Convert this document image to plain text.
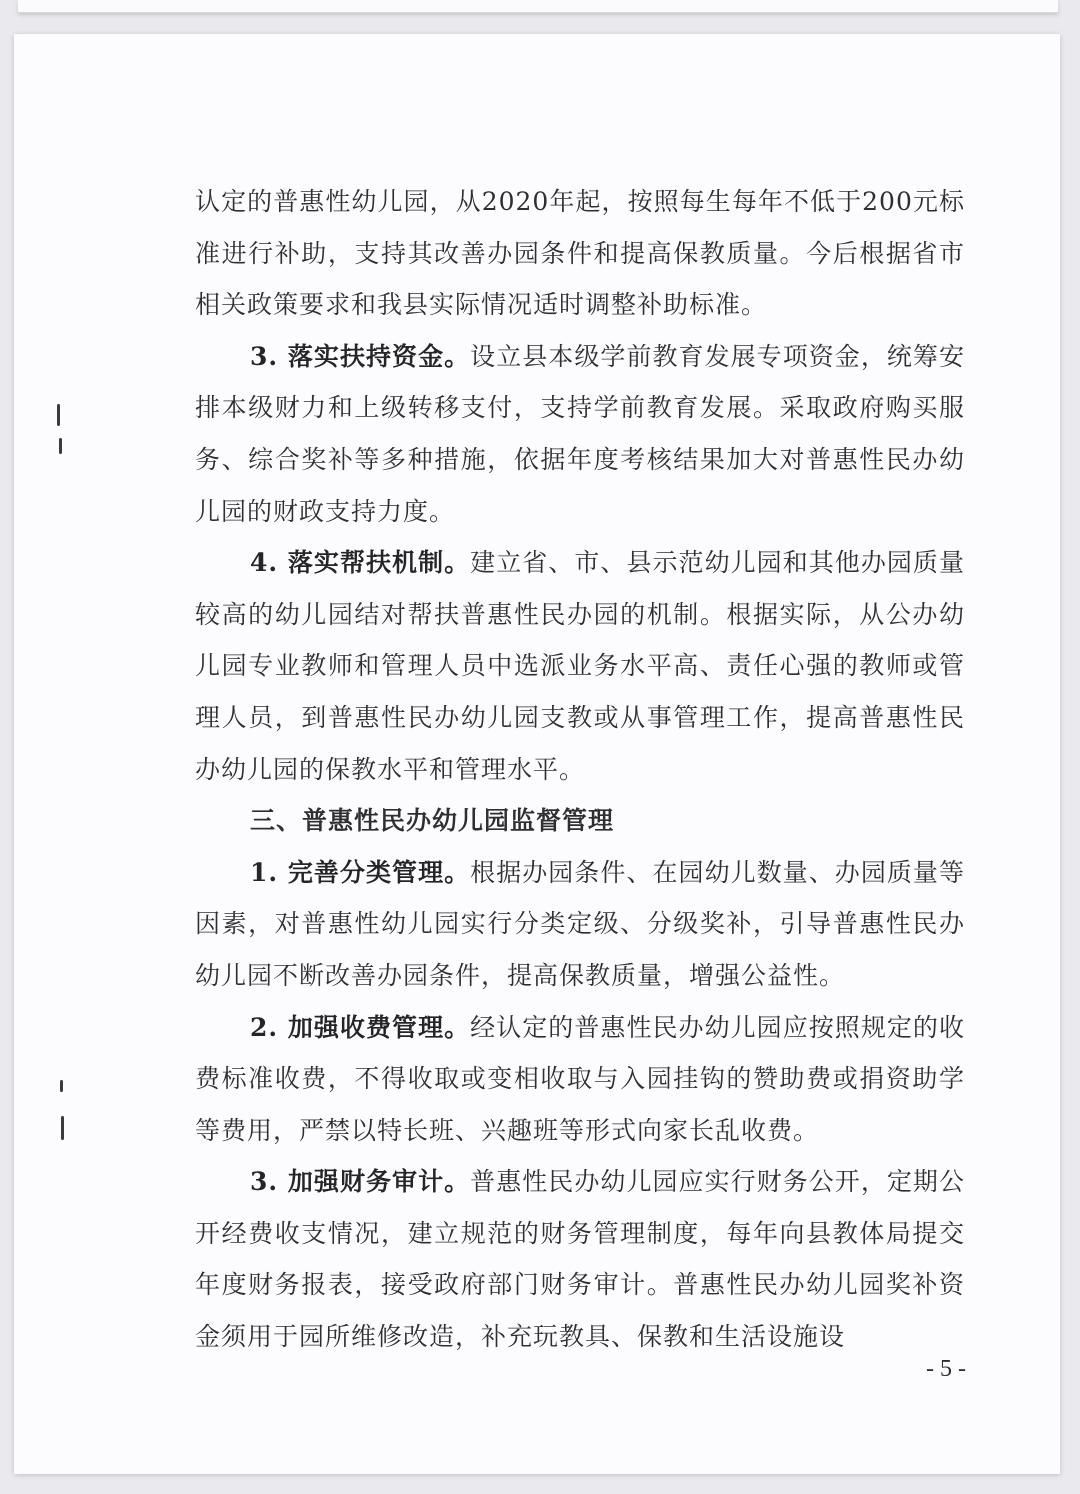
认定的普惠性幼儿园，从2020年起，按照每生每年不低于200元标准进行补助，支持其改善办园条件和提高保教质量。今后根据省市相关政策要求和我县实际情况适时调整补助标准。

3. 落实扶持资金。设立县本级学前教育发展专项资金，统筹安排本级财力和上级转移支付，支持学前教育发展。采取政府购买服务、综合奖补等多种措施，依据年度考核结果加大对普惠性民办幼儿园的财政支持力度。

4. 落实帮扶机制。建立省、市、县示范幼儿园和其他办园质量较高的幼儿园结对帮扶普惠性民办园的机制。根据实际，从公办幼儿园专业教师和管理人员中选派业务水平高、责任心强的教师或管理人员，到普惠性民办幼儿园支教或从事管理工作，提高普惠性民办幼儿园的保教水平和管理水平。

三、普惠性民办幼儿园监督管理

1. 完善分类管理。根据办园条件、在园幼儿数量、办园质量等因素，对普惠性幼儿园实行分类定级、分级奖补，引导普惠性民办幼儿园不断改善办园条件，提高保教质量，增强公益性。

2. 加强收费管理。经认定的普惠性民办幼儿园应按照规定的收费标准收费，不得收取或变相收取与入园挂钩的赞助费或捐资助学等费用，严禁以特长班、兴趣班等形式向家长乱收费。

3. 加强财务审计。普惠性民办幼儿园应实行财务公开，定期公开经费收支情况，建立规范的财务管理制度，每年向县教体局提交年度财务报表，接受政府部门财务审计。普惠性民办幼儿园奖补资金须用于园所维修改造，补充玩教具、保教和生活设施设

- 5 -
